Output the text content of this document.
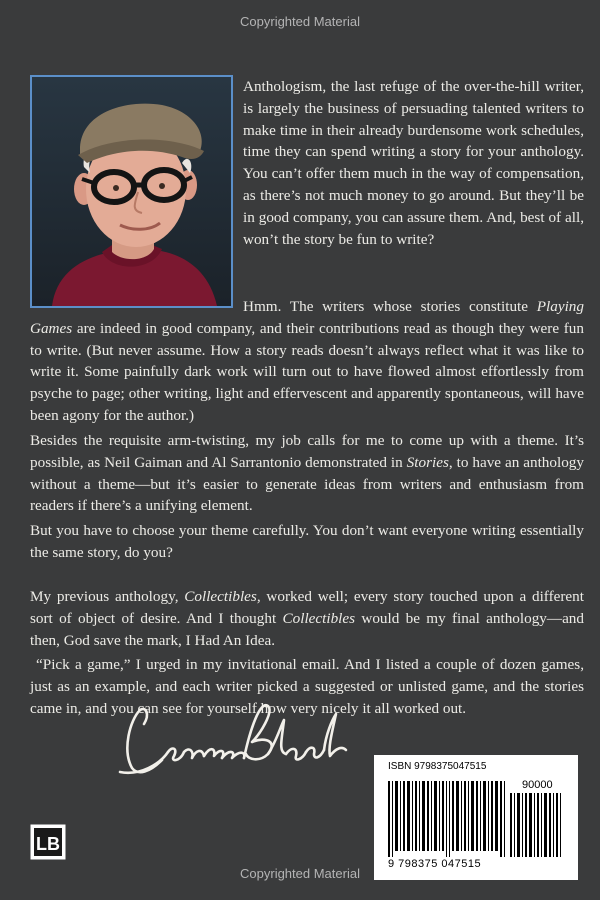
Copyrighted Material

Anthologism, the last refuge of the over-the-hill writer, is largely the business of persuading talented writers to make time in their already burdensome work schedules, time they can spend writing a story for your anthology. You can’t offer them much in the way of compensation, as there’s not much money to go around. But they’ll be in good company, you can assure them. And, best of all, won’t the story be fun to write?

Hmm. The writers whose stories constitute Playing Games are indeed in good company, and their contributions read as though they were fun to write. (But never assume. How a story reads doesn’t always reflect what it was like to write it. Some painfully dark work will turn out to have flowed almost effortlessly from psyche to page; other writing, light and effervescent and apparently spontaneous, will have been agony for the author.)

Besides the requisite arm-twisting, my job calls for me to come up with a theme. It’s possible, as Neil Gaiman and Al Sarrantonio demonstrated in Stories, to have an anthology without a theme—but it’s easier to generate ideas from writers and enthusiasm from readers if there’s a unifying element.

But you have to choose your theme carefully. You don’t want everyone writing essentially the same story, do you?

My previous anthology, Collectibles, worked well; every story touched upon a different sort of object of desire. And I thought Collectibles would be my final anthology—and then, God save the mark, I Had An Idea.

“Pick a game,” I urged in my invitational email. And I listed a couple of dozen games, just as an example, and each writer picked a suggested or unlisted game, and the stories came in, and you can see for yourself how very nicely it all worked out.

ISBN 9798375047515
90000
9 798375 047515
LB
Copyrighted Material
